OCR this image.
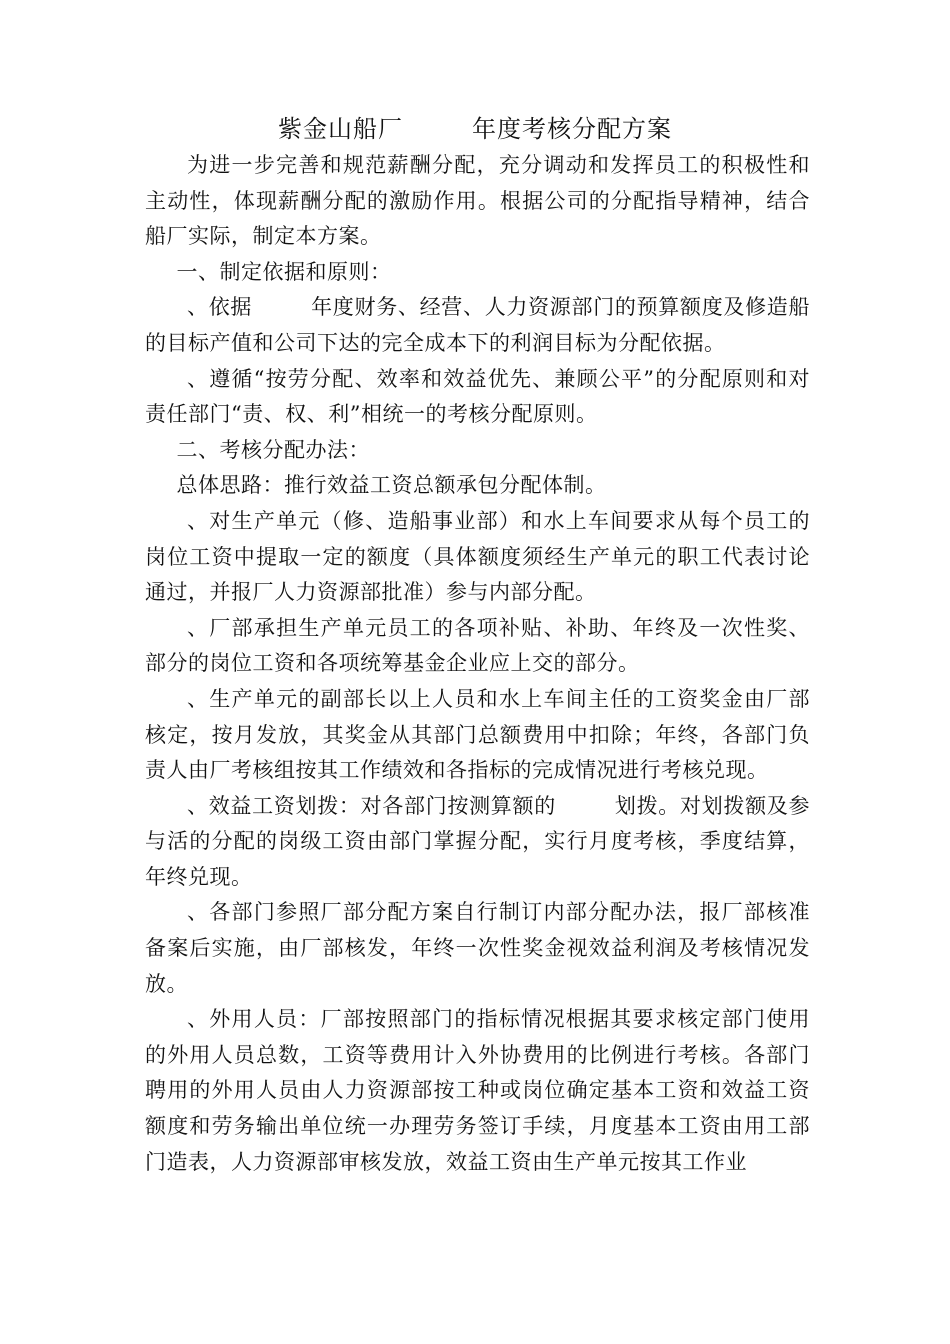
紫金山船厂        年度考核分配方案

为进一步完善和规范薪酬分配，充分调动和发挥员工的积极性和主动性，体现薪酬分配的激励作用。根据公司的分配指导精神，结合船厂实际，制定本方案。

一、制定依据和原则：

、依据        年度财务、经营、人力资源部门的预算额度及修造船的目标产值和公司下达的完全成本下的利润目标为分配依据。

、遵循“按劳分配、效率和效益优先、兼顾公平”的分配原则和对责任部门“责、权、利”相统一的考核分配原则。

二、考核分配办法：

总体思路：推行效益工资总额承包分配体制。

、对生产单元（修、造船事业部）和水上车间要求从每个员工的岗位工资中提取一定的额度（具体额度须经生产单元的职工代表讨论通过，并报厂人力资源部批准）参与内部分配。

、厂部承担生产单元员工的各项补贴、补助、年终及一次性奖、部分的岗位工资和各项统筹基金企业应上交的部分。

、生产单元的副部长以上人员和水上车间主任的工资奖金由厂部核定，按月发放，其奖金从其部门总额费用中扣除；年终，各部门负责人由厂考核组按其工作绩效和各指标的完成情况进行考核兑现。

、效益工资划拨：对各部门按测算额的        划拨。对划拨额及参与活的分配的岗级工资由部门掌握分配，实行月度考核，季度结算，年终兑现。

、各部门参照厂部分配方案自行制订内部分配办法，报厂部核准备案后实施，由厂部核发，年终一次性奖金视效益利润及考核情况发放。

、外用人员：厂部按照部门的指标情况根据其要求核定部门使用的外用人员总数，工资等费用计入外协费用的比例进行考核。各部门聘用的外用人员由人力资源部按工种或岗位确定基本工资和效益工资额度和劳务输出单位统一办理劳务签订手续，月度基本工资由用工部门造表，人力资源部审核发放，效益工资由生产单元按其工作业
